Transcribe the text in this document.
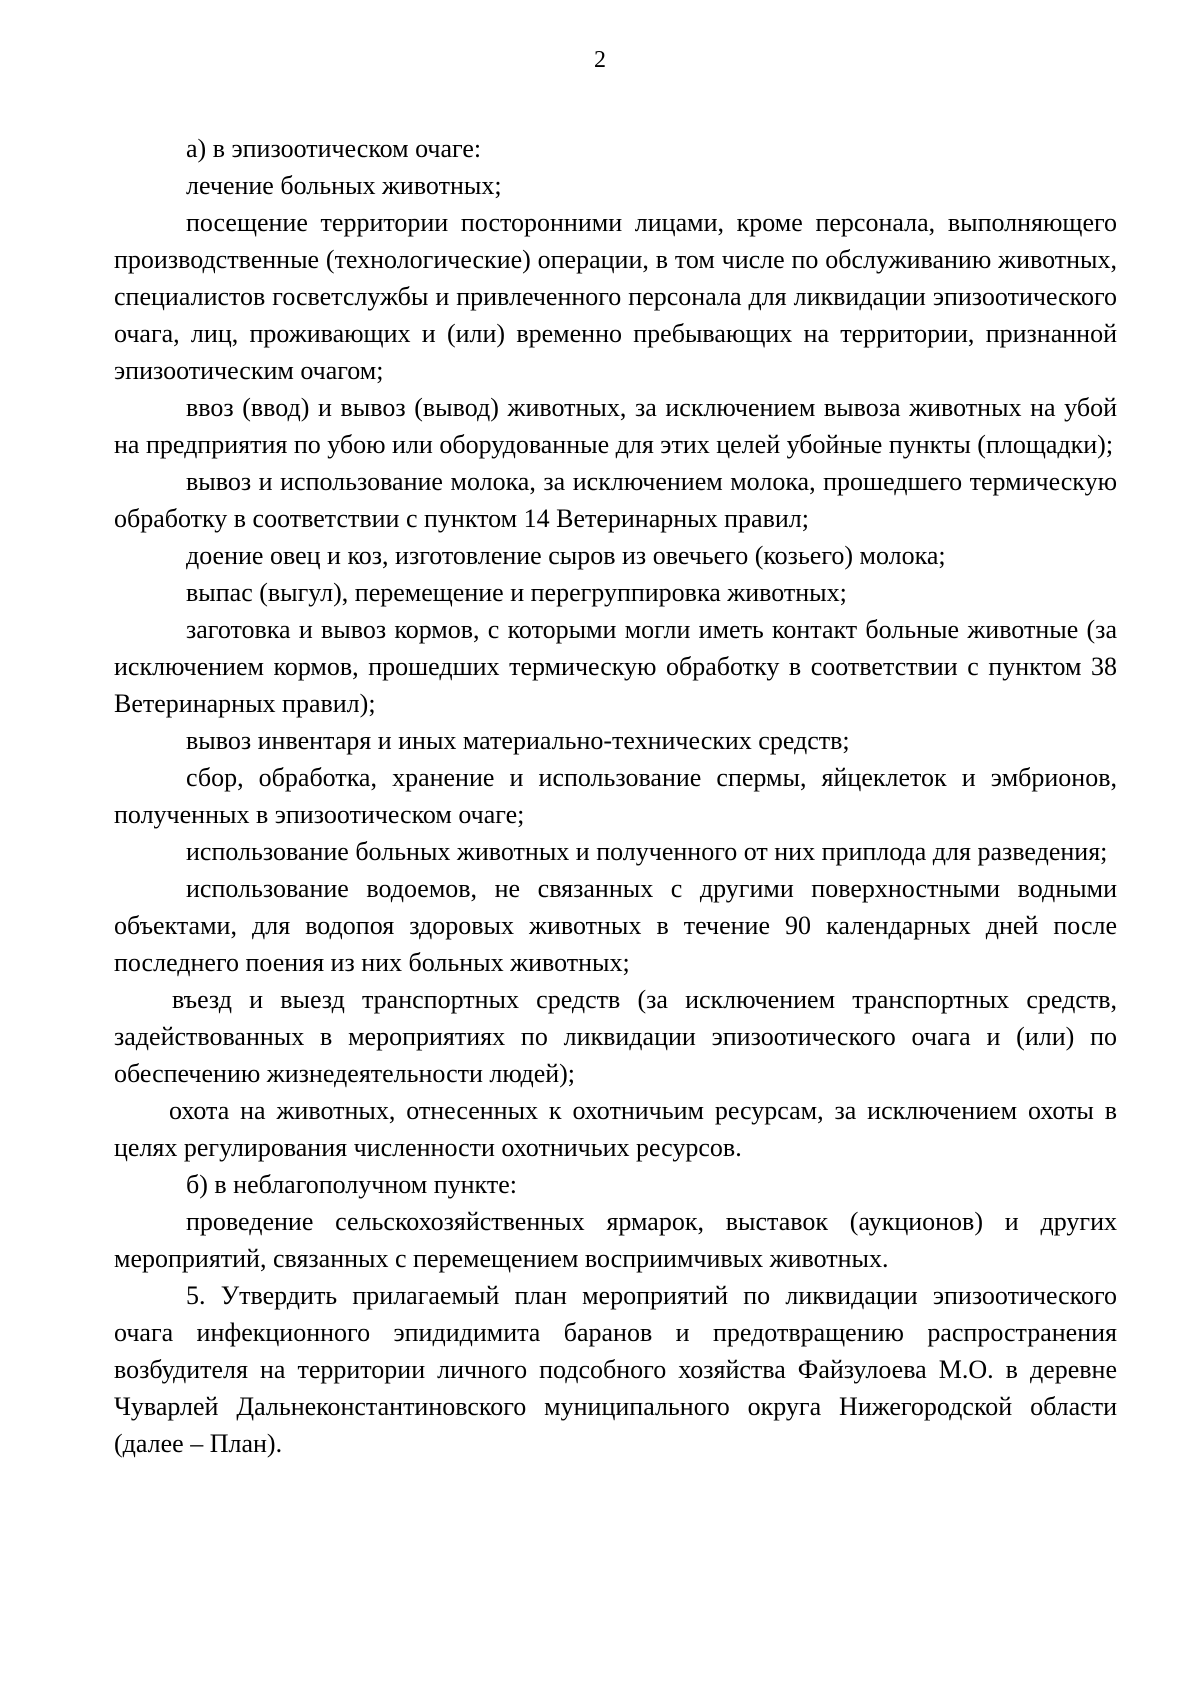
2

а) в эпизоотическом очаге:

лечение больных животных;

посещение территории посторонними лицами, кроме персонала, выполняющего производственные (технологические) операции, в том числе по обслуживанию животных, специалистов госветслужбы и привлеченного персонала для ликвидации эпизоотического очага, лиц, проживающих и (или) временно пребывающих на территории, признанной эпизоотическим очагом;

ввоз (ввод) и вывоз (вывод) животных, за исключением вывоза животных на убой на предприятия по убою или оборудованные для этих целей убойные пункты (площадки);

вывоз и использование молока, за исключением молока, прошедшего термическую обработку в соответствии с пунктом 14 Ветеринарных правил;

доение овец и коз, изготовление сыров из овечьего (козьего) молока;

выпас (выгул), перемещение и перегруппировка животных;

заготовка и вывоз кормов, с которыми могли иметь контакт больные животные (за исключением кормов, прошедших термическую обработку в соответствии с пунктом 38 Ветеринарных правил);

вывоз инвентаря и иных материально-технических средств;

сбор, обработка, хранение и использование спермы, яйцеклеток и эмбрионов, полученных в эпизоотическом очаге;

использование больных животных и полученного от них приплода для разведения;

использование водоемов, не связанных с другими поверхностными водными объектами, для водопоя здоровых животных в течение 90 календарных дней после последнего поения из них больных животных;

въезд и выезд транспортных средств (за исключением транспортных средств, задействованных в мероприятиях по ликвидации эпизоотического очага и (или) по обеспечению жизнедеятельности людей);

охота на животных, отнесенных к охотничьим ресурсам, за исключением охоты в целях регулирования численности охотничьих ресурсов.

б) в неблагополучном пункте:

проведение сельскохозяйственных ярмарок, выставок (аукционов) и других мероприятий, связанных с перемещением восприимчивых животных.

5. Утвердить прилагаемый план мероприятий по ликвидации эпизоотического очага инфекционного эпидидимита баранов и предотвращению распространения возбудителя на территории личного подсобного хозяйства Файзулоева М.О. в деревне Чуварлей Дальнеконстантиновского муниципального округа Нижегородской области (далее – План).
